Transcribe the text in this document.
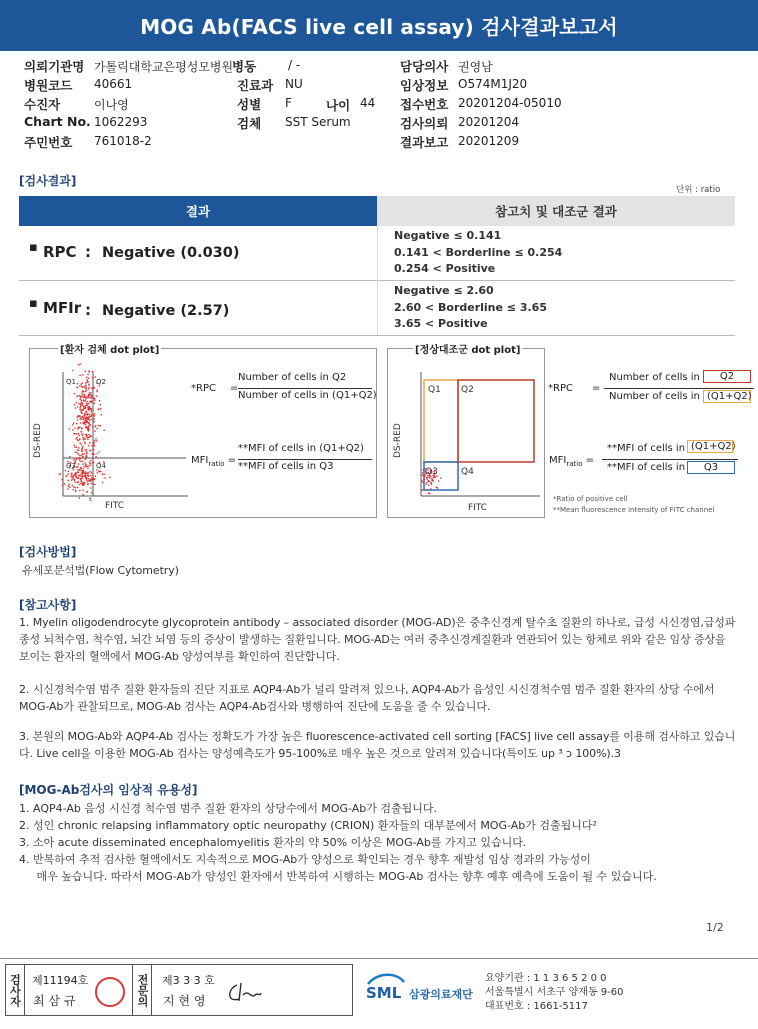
MOG Ab(FACS live cell assay) 검사결과보고서
의뢰기관명 가톨릭대학교은평성모병원
병원코드 40661
수진자	이나영
Chart No. 1062293
주민번호 761018-2
병동	/ -
진료과 NU
성별 F
검체 SST Serum
담당의사 권영남
임상정보 O574M1J20
접수번호 20201204-05010
검사의뢰 20201204
결과보고 20201209
나이 44
[검사결과]
단위 : ratio
결과	참고치 및 대조군 결과
▪ RPC : Negative (0.030)
Negative ≤ 0.141
0.141 < Borderline ≤ 0.254
0.254 < Positive
▪ MFIr : Negative (2.57)
Negative ≤ 2.60
2.60 < Borderline ≤ 3.65
3.65 < Positive
[환자 검체 dot plot]
Q1	Q2
Q3	Q4
FITC
DS-RED
*RPC =
Number of cells in Q2
Number of cells in (Q1+Q2)
$MFI_{ratio}$ =
**MFI of cells in (Q1+Q2)
**MFI of cells in Q3
[정상대조군 dot plot]
Q1 Q2
Q3	Q4
FITC
DS-RED
*RPC =
Number of cells in	Q2
Number of cells in (Q1+Q2)
$MFI_{ratio}$ =
**MFI of cells in (Q1+Q2)
**MFI of cells in	Q3
*Ratio of positive cell
**Mean fluorescence intensity of FITC channel
[검사방법]
유세포분석법(Flow Cytometry)
[참고사항]
1. Myelin oligodendrocyte glycoprotein antibody – associated disorder (MOG-AD)은 중추신경계 탈수초 질환의 하나로, 급성 시신경염,급성파종성 뇌척수염, 척수염, 뇌간 뇌염 등의 증상이 발생하는 질환입니다. MOG-AD는 여러 중추신경계질환과 연관되어 있는 항체로 위와 같은 임상 증상을 보이는 환자의 혈액에서 MOG-Ab 양성여부를 확인하여 진단합니다.
2. 시신경척수염 범주 질환 환자들의 진단 지표로 AQP4-Ab가 널리 알려져 있으나, AQP4-Ab가 음성인 시신경척수염 범주 질환 환자의 상당 수에서 MOG-Ab가 관찰되므로, MOG-Ab 검사는 AQP4-Ab검사와 병행하여 진단에 도움을 줄 수 있습니다.
3. 본원의 MOG-Ab와 AQP4-Ab 검사는 정확도가 가장 높은 fluorescence-activated cell sorting [FACS] live cell assay를 이용해 검사하고 있습니다. Live cell을 이용한 MOG-Ab 검사는 양성예측도가 95-100%로 매우 높은 것으로 알려져 있습니다(특이도 up ³ ɔ 100%).3
[MOG-Ab검사의 임상적 유용성]
1. AQP4-Ab 음성 시신경 척수염 범주 질환 환자의 상당수에서 MOG-Ab가 검출됩니다.
2. 성인 chronic relapsing inflammatory optic neuropathy (CRION) 환자들의 대부분에서 MOG-Ab가 검출됩니다²
3. 소아 acute disseminated encephalomyelitis 환자의 약 50% 이상은 MOG-Ab를 가지고 있습니다.
4. 반복하여 추적 검사한 혈액에서도 지속적으로 MOG-Ab가 양성으로 확인되는 경우 향후 재발성 임상 경과의 가능성이
매우 높습니다. 따라서 MOG-Ab가 양성인 환자에서 반복하여 시행하는 MOG-Ab 검사는 향후 예후 예측에 도움이 될 수 있습니다.
1/2
검사자 제11194호
최 삼 규	전문의 제3 3 3 호
지 현 영	SML 삼광의료재단
요양기관 : 1 1 3 6 5 2 0 0
서울특별시 서초구 양재동 9-60
대표번호 : 1661-5117
